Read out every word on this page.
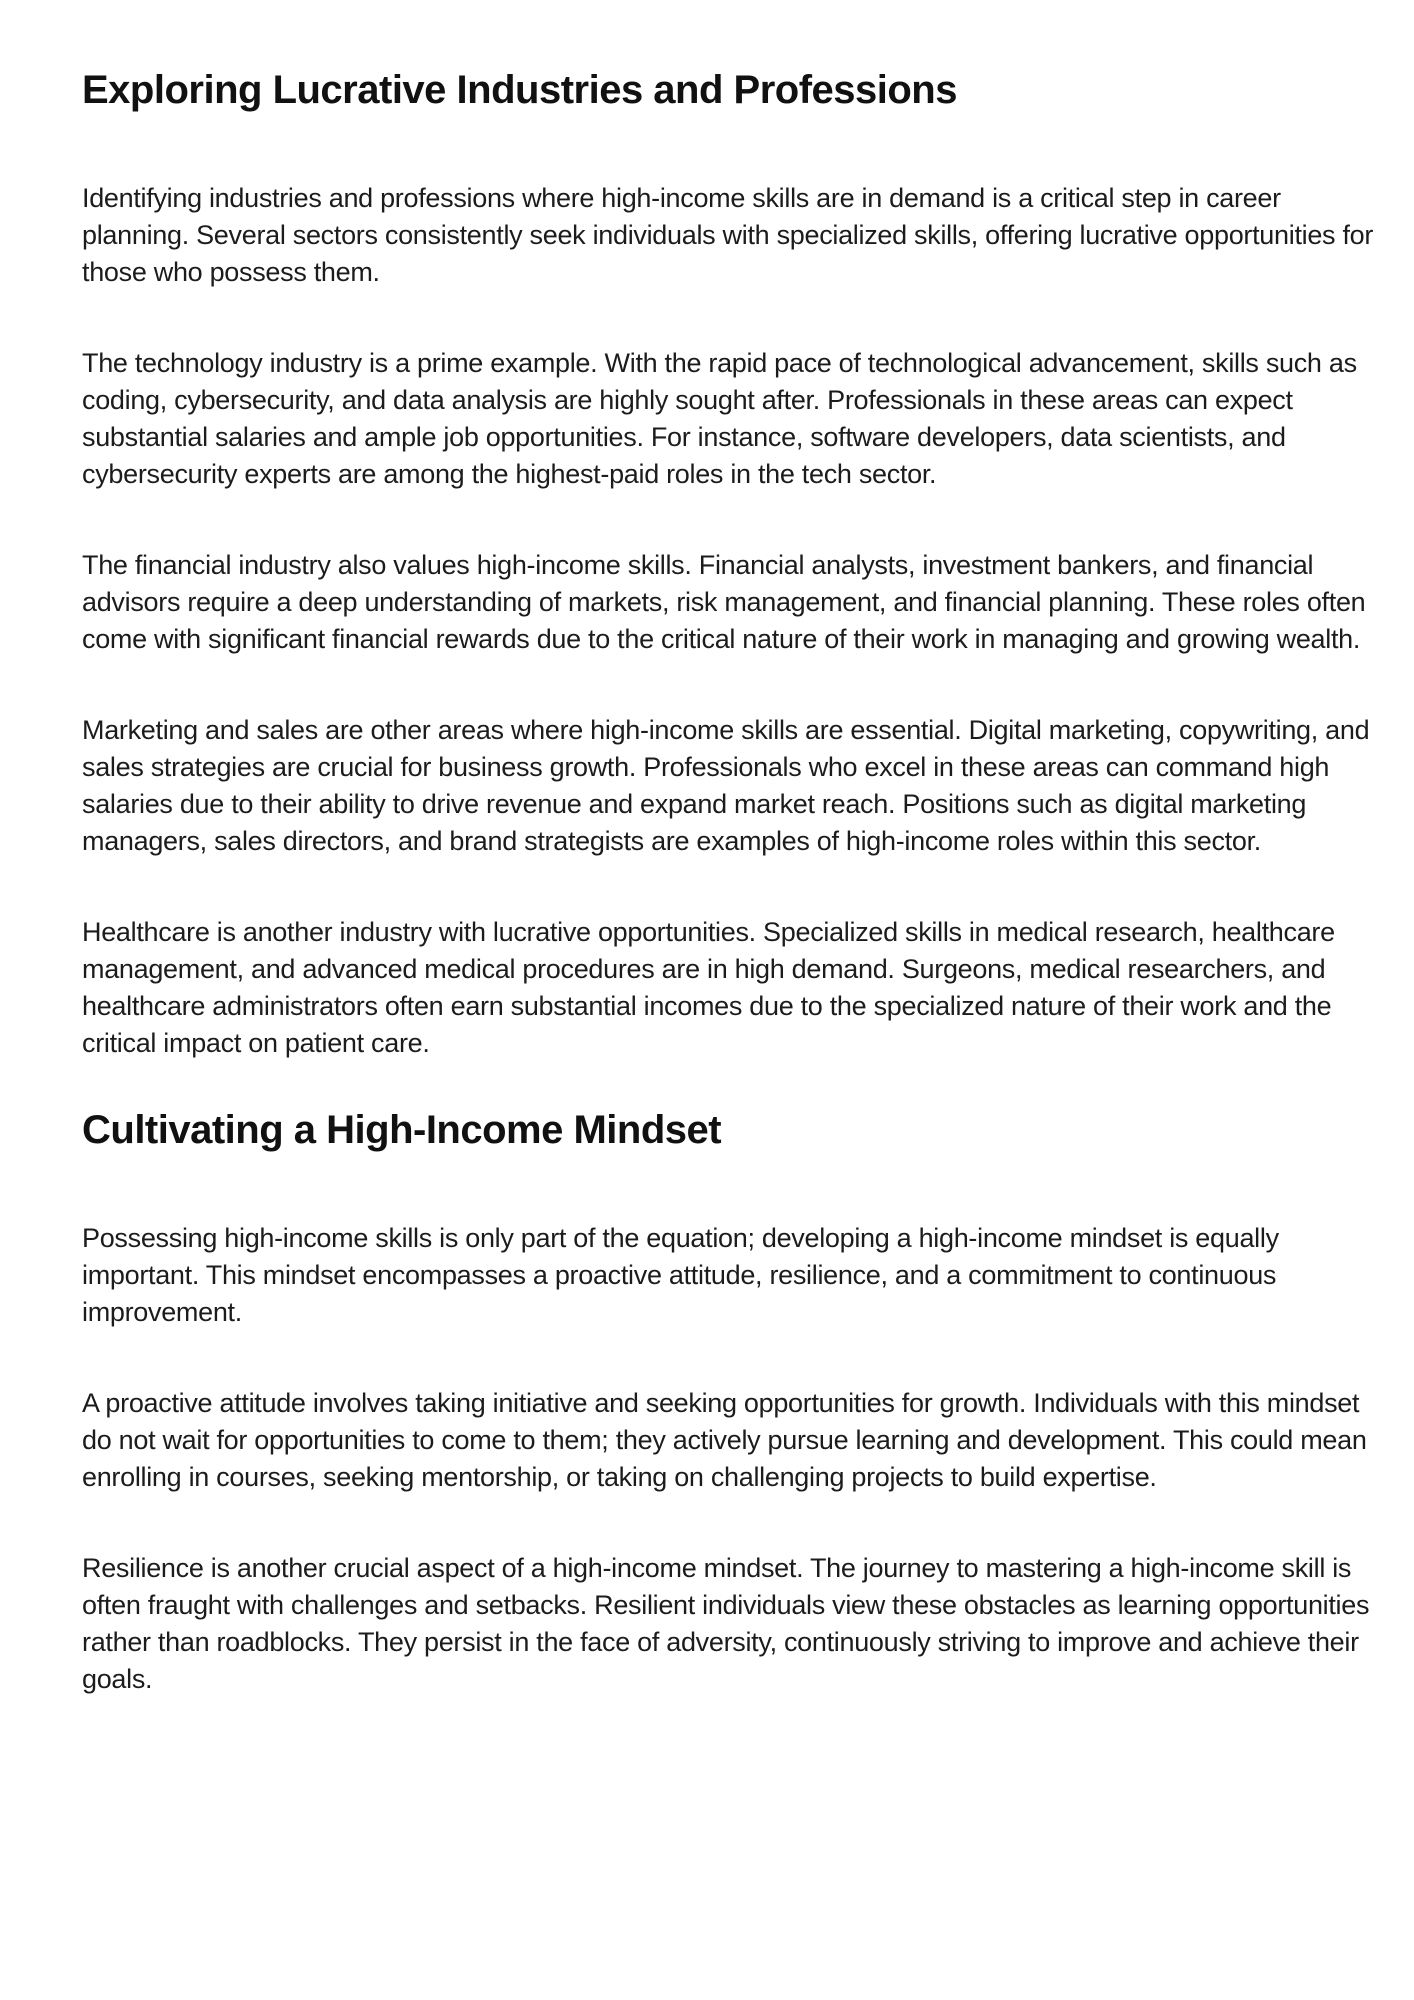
Exploring Lucrative Industries and Professions

Identifying industries and professions where high-income skills are in demand is a critical step in career planning. Several sectors consistently seek individuals with specialized skills, offering lucrative opportunities for those who possess them.

The technology industry is a prime example. With the rapid pace of technological advancement, skills such as coding, cybersecurity, and data analysis are highly sought after. Professionals in these areas can expect substantial salaries and ample job opportunities. For instance, software developers, data scientists, and cybersecurity experts are among the highest-paid roles in the tech sector.

The financial industry also values high-income skills. Financial analysts, investment bankers, and financial advisors require a deep understanding of markets, risk management, and financial planning. These roles often come with significant financial rewards due to the critical nature of their work in managing and growing wealth.

Marketing and sales are other areas where high-income skills are essential. Digital marketing, copywriting, and sales strategies are crucial for business growth. Professionals who excel in these areas can command high salaries due to their ability to drive revenue and expand market reach. Positions such as digital marketing managers, sales directors, and brand strategists are examples of high-income roles within this sector.

Healthcare is another industry with lucrative opportunities. Specialized skills in medical research, healthcare management, and advanced medical procedures are in high demand. Surgeons, medical researchers, and healthcare administrators often earn substantial incomes due to the specialized nature of their work and the critical impact on patient care.

Cultivating a High-Income Mindset

Possessing high-income skills is only part of the equation; developing a high-income mindset is equally important. This mindset encompasses a proactive attitude, resilience, and a commitment to continuous improvement.

A proactive attitude involves taking initiative and seeking opportunities for growth. Individuals with this mindset do not wait for opportunities to come to them; they actively pursue learning and development. This could mean enrolling in courses, seeking mentorship, or taking on challenging projects to build expertise.

Resilience is another crucial aspect of a high-income mindset. The journey to mastering a high-income skill is often fraught with challenges and setbacks. Resilient individuals view these obstacles as learning opportunities rather than roadblocks. They persist in the face of adversity, continuously striving to improve and achieve their goals.
